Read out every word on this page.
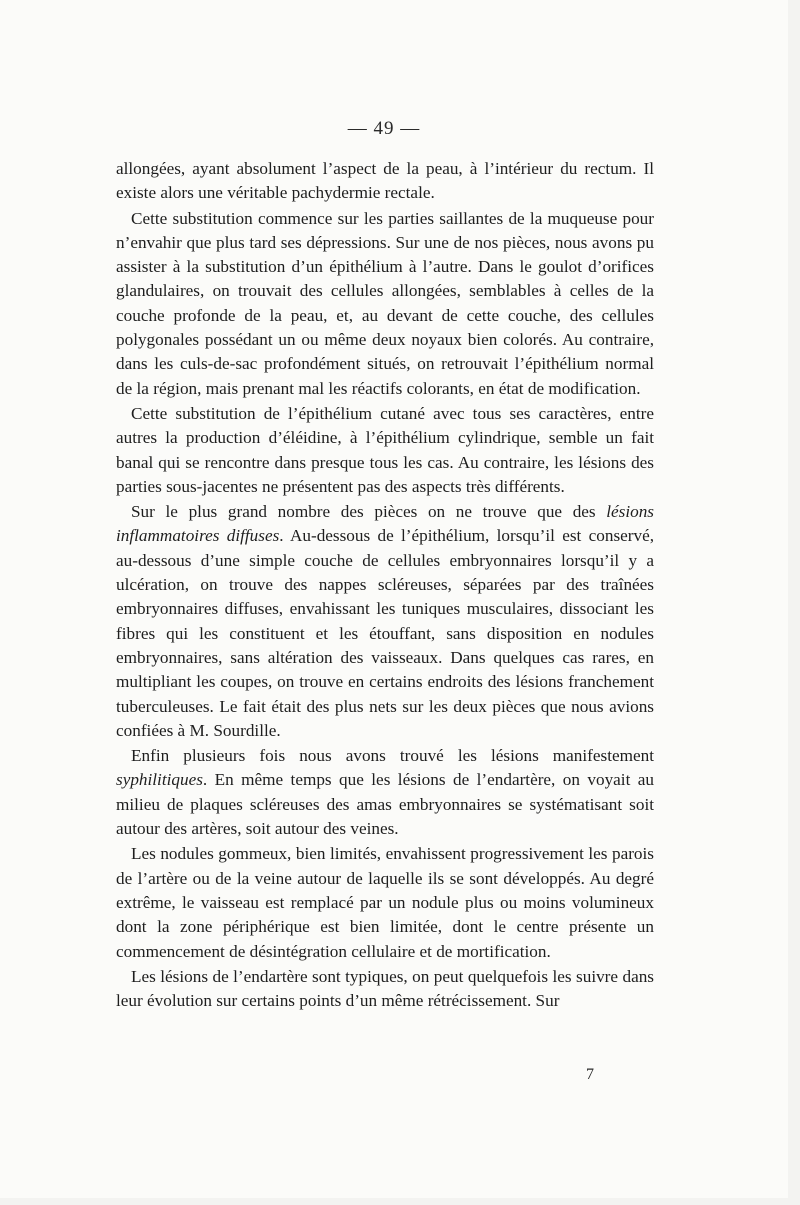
— 49 —

allongées, ayant absolument l’aspect de la peau, à l’intérieur du rectum. Il existe alors une véritable pachydermie rectale.

Cette substitution commence sur les parties saillantes de la muqueuse pour n’envahir que plus tard ses dépressions. Sur une de nos pièces, nous avons pu assister à la substitution d’un épithélium à l’autre. Dans le goulot d’orifices glandulaires, on trouvait des cellules allongées, semblables à celles de la couche profonde de la peau, et, au devant de cette couche, des cellules polygonales possédant un ou même deux noyaux bien colorés. Au contraire, dans les culs-de-sac profondément situés, on retrouvait l’épithélium normal de la région, mais prenant mal les réactifs colorants, en état de modification.

Cette substitution de l’épithélium cutané avec tous ses caractères, entre autres la production d’éléidine, à l’épithélium cylindrique, semble un fait banal qui se rencontre dans presque tous les cas. Au contraire, les lésions des parties sous-jacentes ne présentent pas des aspects très différents.

Sur le plus grand nombre des pièces on ne trouve que des lésions inflammatoires diffuses. Au-dessous de l’épithélium, lorsqu’il est conservé, au-dessous d’une simple couche de cellules embryonnaires lorsqu’il y a ulcération, on trouve des nappes scléreuses, séparées par des traînées embryonnaires diffuses, envahissant les tuniques musculaires, dissociant les fibres qui les constituent et les étouffant, sans disposition en nodules embryonnaires, sans altération des vaisseaux. Dans quelques cas rares, en multipliant les coupes, on trouve en certains endroits des lésions franchement tuberculeuses. Le fait était des plus nets sur les deux pièces que nous avions confiées à M. Sourdille.

Enfin plusieurs fois nous avons trouvé les lésions manifestement syphilitiques. En même temps que les lésions de l’endartère, on voyait au milieu de plaques scléreuses des amas embryonnaires se systématisant soit autour des artères, soit autour des veines.

Les nodules gommeux, bien limités, envahissent progressivement les parois de l’artère ou de la veine autour de laquelle ils se sont développés. Au degré extrême, le vaisseau est remplacé par un nodule plus ou moins volumineux dont la zone périphérique est bien limitée, dont le centre présente un commencement de désintégration cellulaire et de mortification.

Les lésions de l’endartère sont typiques, on peut quelquefois les suivre dans leur évolution sur certains points d’un même rétrécissement. Sur

7
